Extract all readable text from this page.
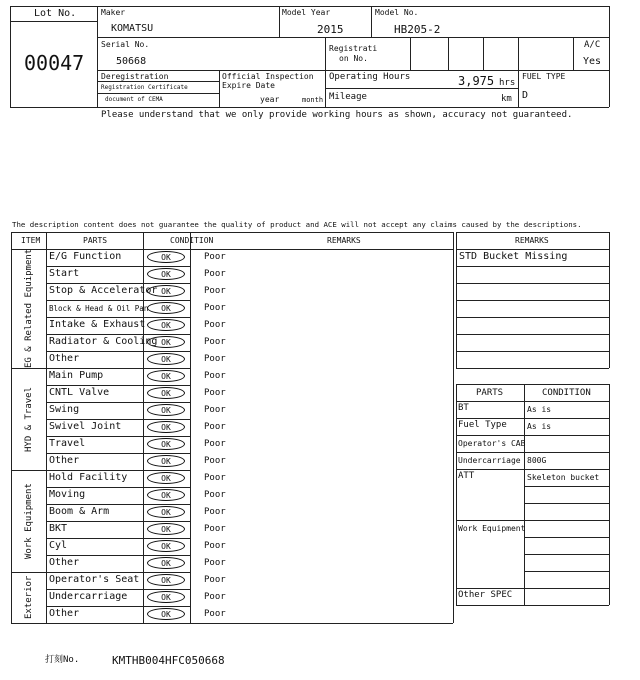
Lot No.
00047
Maker
KOMATSU
Model Year
2015
Model No.
HB205-2
Serial No.
50668
Registrati
on No.
A/C
Yes
Deregistration
Registration Certificate
document of CEMA
Official Inspection
Expire Date
year	month
Operating Hours	3,975 hrs
Mileage	km
FUEL TYPE
D
Please understand that we only provide working hours as shown, accuracy not guaranteed.
The description content does not guarantee the quality of product and ACE will not accept any claims caused by the descriptions.
ITEM	PARTS	CONDITION	REMARKS
EG & Related Equipment	E/G Function	OK	Poor
Start	OK	Poor
Stop & Accelerator OK	Poor
Block & Head & Oil Pan	OK	Poor
Intake & Exhaust	OK	Poor
Radiator & Cooling OK	Poor
Other	OK	Poor
HYD & Travel
Main Pump	OK	Poor
CNTL Valve	OK	Poor
Swing	OK	Poor
Swivel Joint	OK	Poor
Travel	OK	Poor
Other	OK	Poor
Work Equipment
Hold Facility	OK	Poor
Moving	OK	Poor
Boom & Arm	OK	Poor
BKT	OK	Poor
Cyl	OK	Poor
Other	OK	Poor
Exterior	Operator's Seat	OK	Poor
Undercarriage	OK	Poor
Other	OK	Poor
REMARKS
STD Bucket Missing
PARTS	CONDITION
BT	As is
Fuel Type	As is
Operator's CAB
Undercarriage 800G
ATT	Skeleton bucket
Work Equipment
Other SPEC
打刻No.	KMTHB004HFC050668
